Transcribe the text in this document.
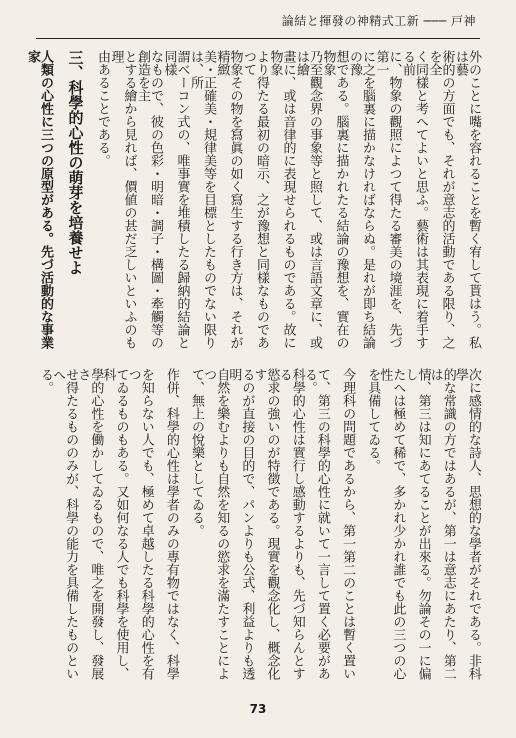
論結と揮發の神精式工新 ─── 戸神
外のことに嘴を容れることを暫く宥して貰はう。私は藝
術的の方面でも、それが意志的活動である限り、之を全
く同樣と考へてよいと思ふ。藝術は其表現に着手する前
に、物象の觀照によつて得たる審美の境涯を、先づ第一
に之を腦裏に描かなければならぬ。是れが即ち結論の豫
想である。腦裏に描かれたる結論の豫想を、實在の物象
乃至觀念界の事象等と照して、或は言語文章に、或は繪
畫に、或は音律的に表現せられるものである。故に物象
より得たる最初の暗示、之が豫想と同樣なものであつて
物象その物を寫眞の如く寫生する行き方は、それが精緻
美・正確美・規律美等を目標としたものでない限りは、所
謂ベーコン式の、唯事實を堆積したる歸納的結論と同樣
なもので、彼の色彩・明暗・調子・構圖・牽觸等の創造を主
とする繪から見れば、價値の甚だ乏しいといふのも理
由あることである。
三、科學的心性の萌芽を培養せよ
人類の心性に三つの原型がある。先づ活動的な事業家
次に感情的な詩人、思想的な學者がそれである。非科學
的な常識の方ではあるが、第一は意志にあたり、第二は
情、第三は知にあてることが出來る。勿論その一に偏し
たへは極めて稀で、多かれ少かれ誰でも此の三つの心性
を具備してゐる。
今理科の問題であるから、第一第二のことは暫く置い
て、第三の科學的心性に就いて一言して置く必要がある。
科學的心性は實行し感動するよりも、先づ知らんとする
慾求の強いのが特徴である。現實を觀念化し、概念化す
るのが直接の目的で、パンよりも公式、利益よりも透明
自然を樂むよりも自然を知るの慾求を滿たすことによつ
て、無上の悅樂としてゐる。
作併、科學的心性は學者のみの專有物ではなく、科學
を知らない人でも、極めて卓越したる科學的心性を有つ
てゐるものもある。又如何なる人でも科學を使用し、科
學的心性を働かしてゐるもので、唯之を開發し、發展さ
せ得たるもののみが、科學の能力を具備したものといへ
る。
73
